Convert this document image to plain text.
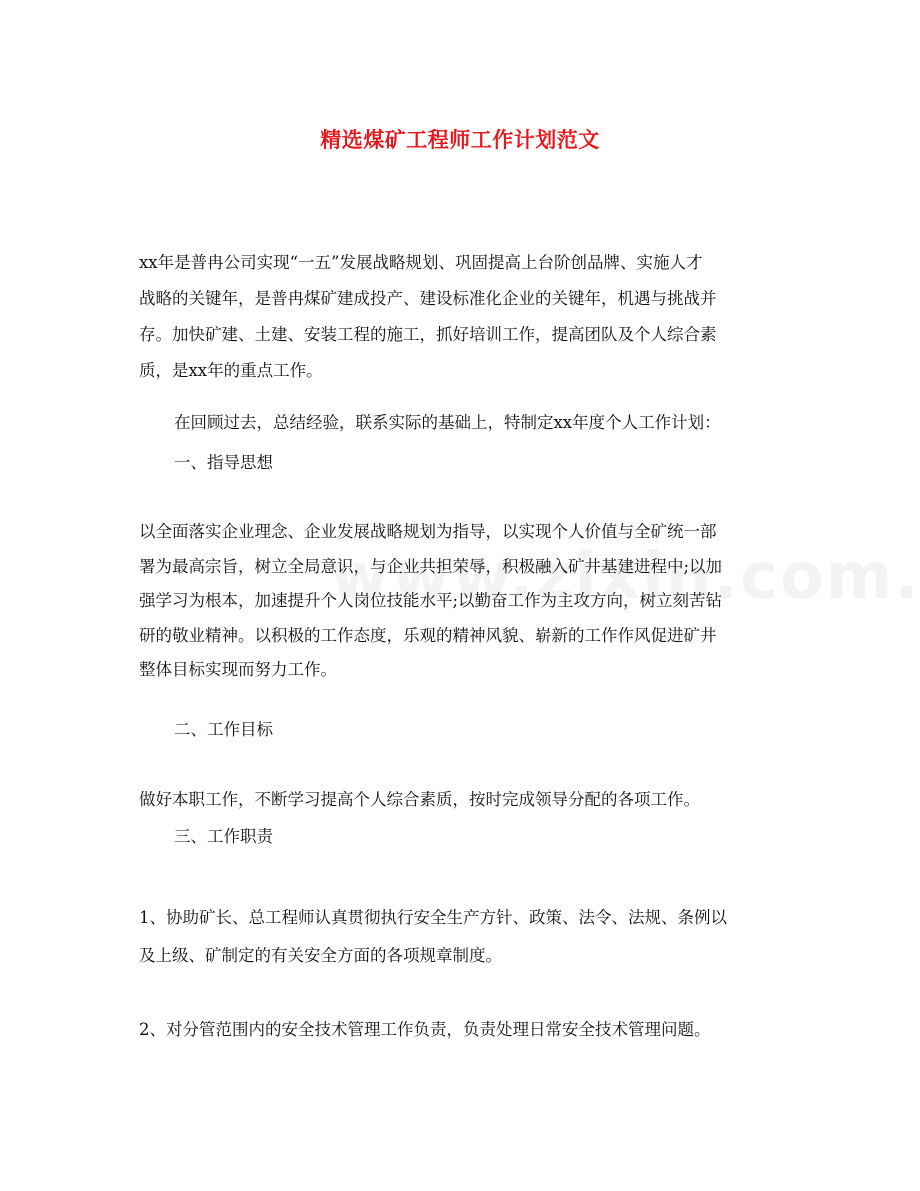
精选煤矿工程师工作计划范文
xx年是普冉公司实现“一五”发展战略规划、巩固提高上台阶创品牌、实施人才
战略的关键年，是普冉煤矿建成投产、建设标准化企业的关键年，机遇与挑战并
存。加快矿建、土建、安装工程的施工，抓好培训工作，提高团队及个人综合素
质，是xx年的重点工作。
在回顾过去，总结经验，联系实际的基础上，特制定xx年度个人工作计划：
一、指导思想
以全面落实企业理念、企业发展战略规划为指导，以实现个人价值与全矿统一部
署为最高宗旨，树立全局意识，与企业共担荣辱，积极融入矿井基建进程中;以加
强学习为根本，加速提升个人岗位技能水平;以勤奋工作为主攻方向，树立刻苦钻
研的敬业精神。以积极的工作态度，乐观的精神风貌、崭新的工作作风促进矿井
整体目标实现而努力工作。
二、工作目标
做好本职工作，不断学习提高个人综合素质，按时完成领导分配的各项工作。
三、工作职责
1、协助矿长、总工程师认真贯彻执行安全生产方针、政策、法令、法规、条例以
及上级、矿制定的有关安全方面的各项规章制度。
2、对分管范围内的安全技术管理工作负责，负责处理日常安全技术管理问题。
